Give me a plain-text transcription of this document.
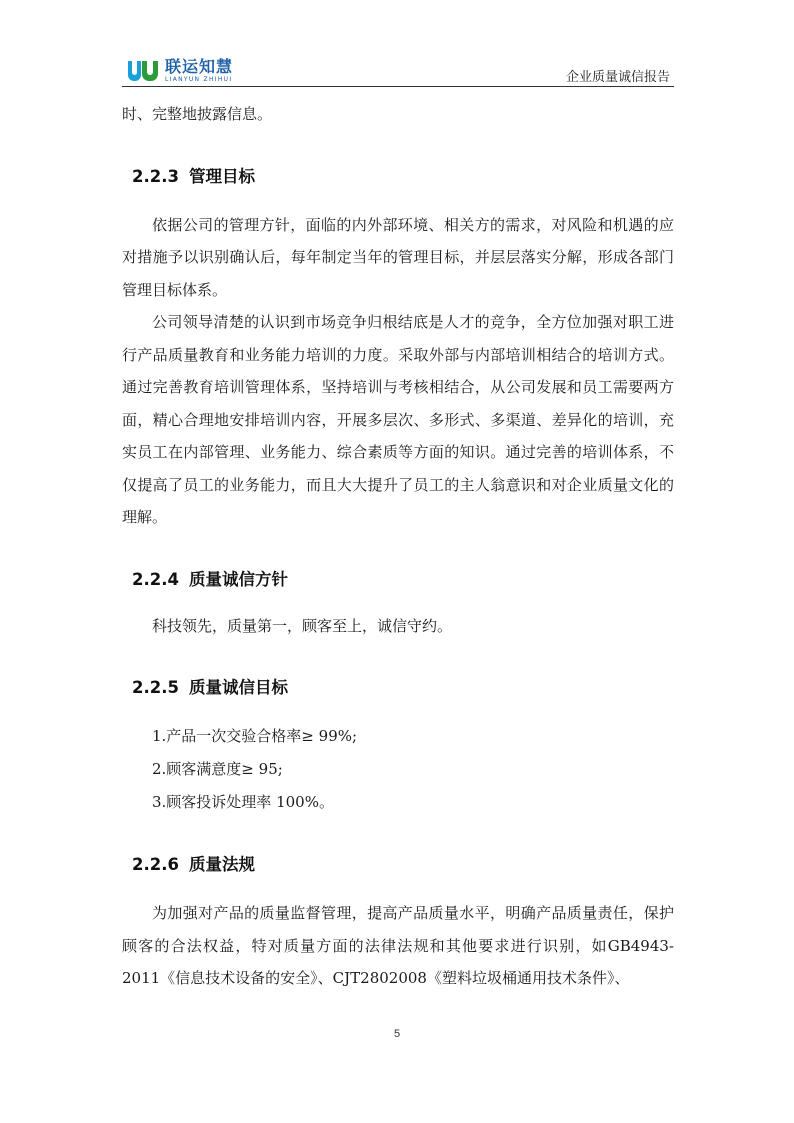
联运知慧
LIANYUN ZHIHUI	企业质量诚信报告

时、完整地披露信息。

2.2.3 管理目标

依据公司的管理方针，面临的内外部环境、相关方的需求，对风险和机遇的应对措施予以识别确认后，每年制定当年的管理目标，并层层落实分解，形成各部门管理目标体系。

公司领导清楚的认识到市场竞争归根结底是人才的竞争，全方位加强对职工进行产品质量教育和业务能力培训的力度。采取外部与内部培训相结合的培训方式。通过完善教育培训管理体系，坚持培训与考核相结合，从公司发展和员工需要两方面，精心合理地安排培训内容，开展多层次、多形式、多渠道、差异化的培训，充实员工在内部管理、业务能力、综合素质等方面的知识。通过完善的培训体系，不仅提高了员工的业务能力，而且大大提升了员工的主人翁意识和对企业质量文化的理解。

2.2.4 质量诚信方针

科技领先，质量第一，顾客至上，诚信守约。

2.2.5 质量诚信目标
1.产品一次交验合格率≥ 99%;
2.顾客满意度≥ 95;
3.顾客投诉处理率 100%。
2.2.6 质量法规

为加强对产品的质量监督管理，提高产品质量水平，明确产品质量责任，保护顾客的合法权益，特对质量方面的法律法规和其他要求进行识别，如GB4943-2011《信息技术设备的安全》、CJT2802008《塑料垃圾桶通用技术条件》、

5
